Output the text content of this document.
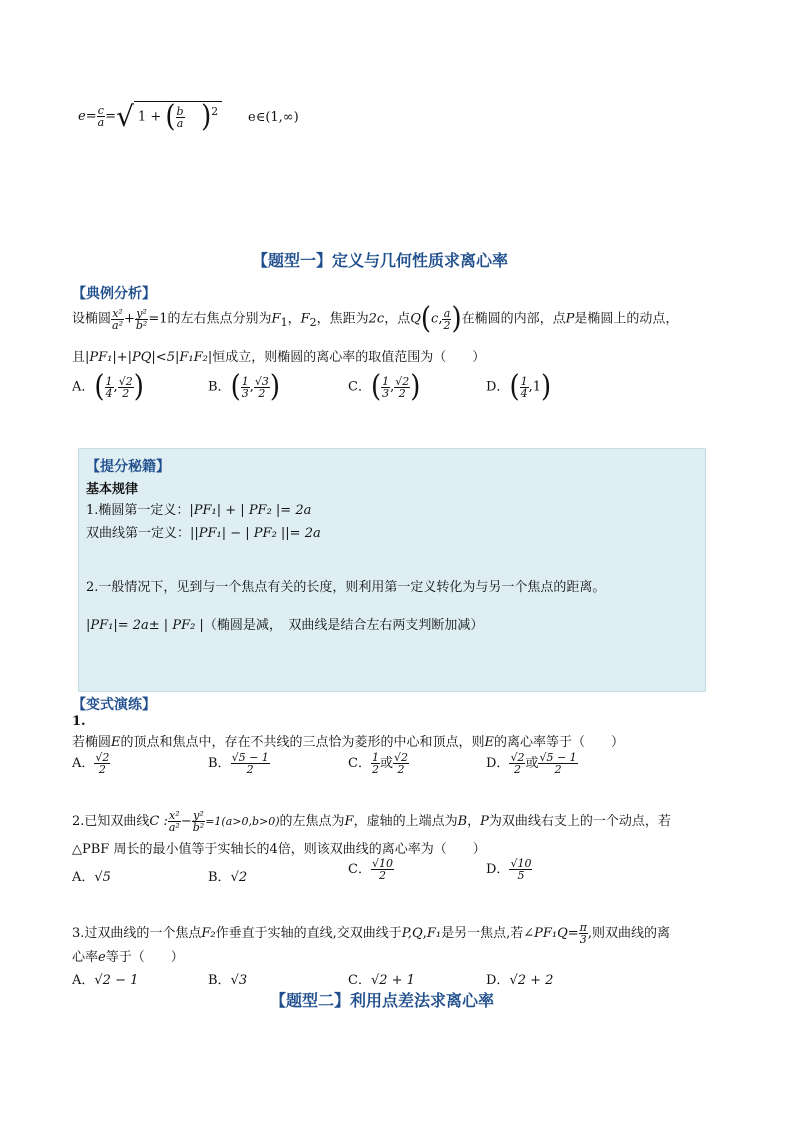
$e= \frac{c}{a}$ =√ 1 + ( $\frac{b}{a} )^2$	e∈(1,∞)
【题型一】定义与几何性质求离心率
【典例分析】
设椭圆 $\frac{\text{x²}}{\text{a²}} + \frac{\text{y²}}{\text{b²}} =1$的左右焦点分别为$F_1$，$F_2$，焦距为2c，点Q(c, $\frac{a}{2}$ )在椭圆的内部，点P是椭圆上的动点，
且|PF₁|+|PQ|<5|F₁F₂|恒成立，则椭圆的离心率的取值范围为（　　）
A．( $\frac{1}{4}$ , $\frac{√2}{2}$ )	B．( $\frac{1}{3}$ , $\frac{√3}{2}$ )	C．( $\frac{1}{3}$ , $\frac{√2}{2}$ )	D．( $\frac{1}{4} ,1$)
【提分秘籍】
基本规律
1.椭圆第一定义：|PF₁| + | PF₂ |= 2a
双曲线第一定义：||PF₁| − | PF₂ ||= 2a
2.一般情况下，见到与一个焦点有关的长度，则利用第一定义转化为与另一个焦点的距离。
|PF₁|= 2a± | PF₂ |（椭圆是减，　双曲线是结合左右两支判断加减）
【变式演练】
1.
若椭圆E的顶点和焦点中，存在不共线的三点恰为菱形的中心和顶点，则E的离心率等于（　　）
A． $\frac{√2}{2}$	B． $\frac{√5 - 1}{2}$	C． $\frac{1}{2}$ 或 $\frac{√2}{2}$	D． $\frac{√2}{2}$ 或 $\frac{√5 - 1}{2}$
2.已知双曲线C : $\frac{\text{x²}}{\text{a²}} - \frac{\text{y²}}{\text{b²}} =1(a>0,b>0)$的左焦点为F，虚轴的上端点为B，P为双曲线右支上的一个动点，若
△PBF 周长的最小值等于实轴长的4倍，则该双曲线的离心率为（　　）
A．√5	B．√2
C． $\frac{√10}{2}$	D． $\frac{√10}{5}$
3.过双曲线的一个焦点F₂作垂直于实轴的直线,交双曲线于P,Q,F₁是另一焦点,若∠PF₁Q= $\frac{\pi}{3}$ ,则双曲线的离
心率e等于（　　）
A．√2 − 1	B．√3	C．√2 + 1	D．√2 + 2
【题型二】利用点差法求离心率
